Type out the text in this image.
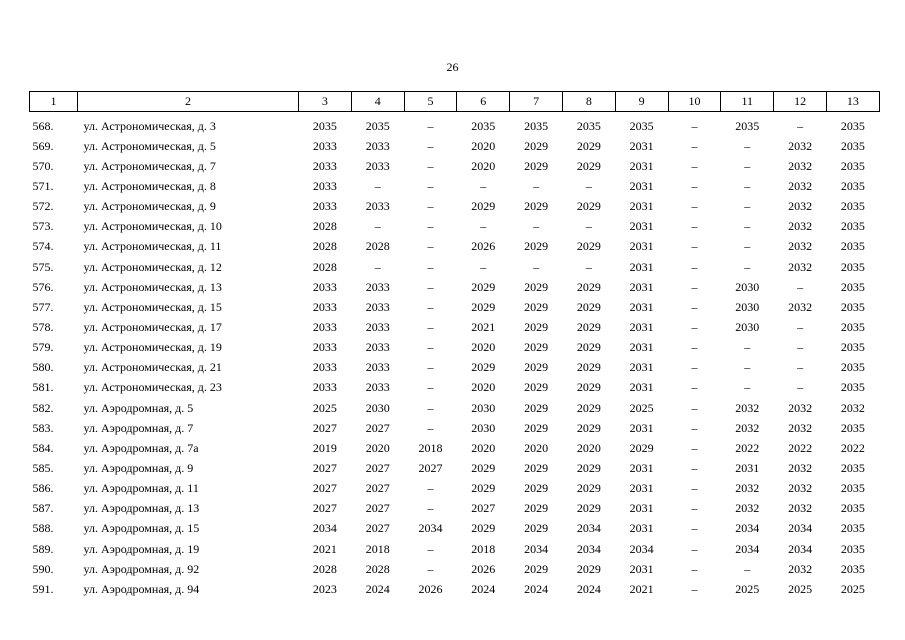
26
1	2	3	4	5	6	7	8	9	10	11	12	13
568.	ул. Астрономическая, д. 3	2035	2035	–	2035	2035	2035	2035	–	2035	–	2035
569.	ул. Астрономическая, д. 5	2033	2033	–	2020	2029	2029	2031	–	–	2032	2035
570.	ул. Астрономическая, д. 7	2033	2033	–	2020	2029	2029	2031	–	–	2032	2035
571.	ул. Астрономическая, д. 8	2033	–	–	–	–	–	2031	–	–	2032	2035
572.	ул. Астрономическая, д. 9	2033	2033	–	2029	2029	2029	2031	–	–	2032	2035
573.	ул. Астрономическая, д. 10	2028	–	–	–	–	–	2031	–	–	2032	2035
574.	ул. Астрономическая, д. 11	2028	2028	–	2026	2029	2029	2031	–	–	2032	2035
575.	ул. Астрономическая, д. 12	2028	–	–	–	–	–	2031	–	–	2032	2035
576.	ул. Астрономическая, д. 13	2033	2033	–	2029	2029	2029	2031	–	2030	–	2035
577.	ул. Астрономическая, д. 15	2033	2033	–	2029	2029	2029	2031	–	2030	2032	2035
578.	ул. Астрономическая, д. 17	2033	2033	–	2021	2029	2029	2031	–	2030	–	2035
579.	ул. Астрономическая, д. 19	2033	2033	–	2020	2029	2029	2031	–	–	–	2035
580.	ул. Астрономическая, д. 21	2033	2033	–	2029	2029	2029	2031	–	–	–	2035
581.	ул. Астрономическая, д. 23	2033	2033	–	2020	2029	2029	2031	–	–	–	2035
582.	ул. Аэродромная, д. 5	2025	2030	–	2030	2029	2029	2025	–	2032	2032	2032
583.	ул. Аэродромная, д. 7	2027	2027	–	2030	2029	2029	2031	–	2032	2032	2035
584.	ул. Аэродромная, д. 7а	2019	2020	2018	2020	2020	2020	2029	–	2022	2022	2022
585.	ул. Аэродромная, д. 9	2027	2027	2027	2029	2029	2029	2031	–	2031	2032	2035
586.	ул. Аэродромная, д. 11	2027	2027	–	2029	2029	2029	2031	–	2032	2032	2035
587.	ул. Аэродромная, д. 13	2027	2027	–	2027	2029	2029	2031	–	2032	2032	2035
588.	ул. Аэродромная, д. 15	2034	2027	2034	2029	2029	2034	2031	–	2034	2034	2035
589.	ул. Аэродромная, д. 19	2021	2018	–	2018	2034	2034	2034	–	2034	2034	2035
590.	ул. Аэродромная, д. 92	2028	2028	–	2026	2029	2029	2031	–	–	2032	2035
591.	ул. Аэродромная, д. 94	2023	2024	2026	2024	2024	2024	2021	–	2025	2025	2025
